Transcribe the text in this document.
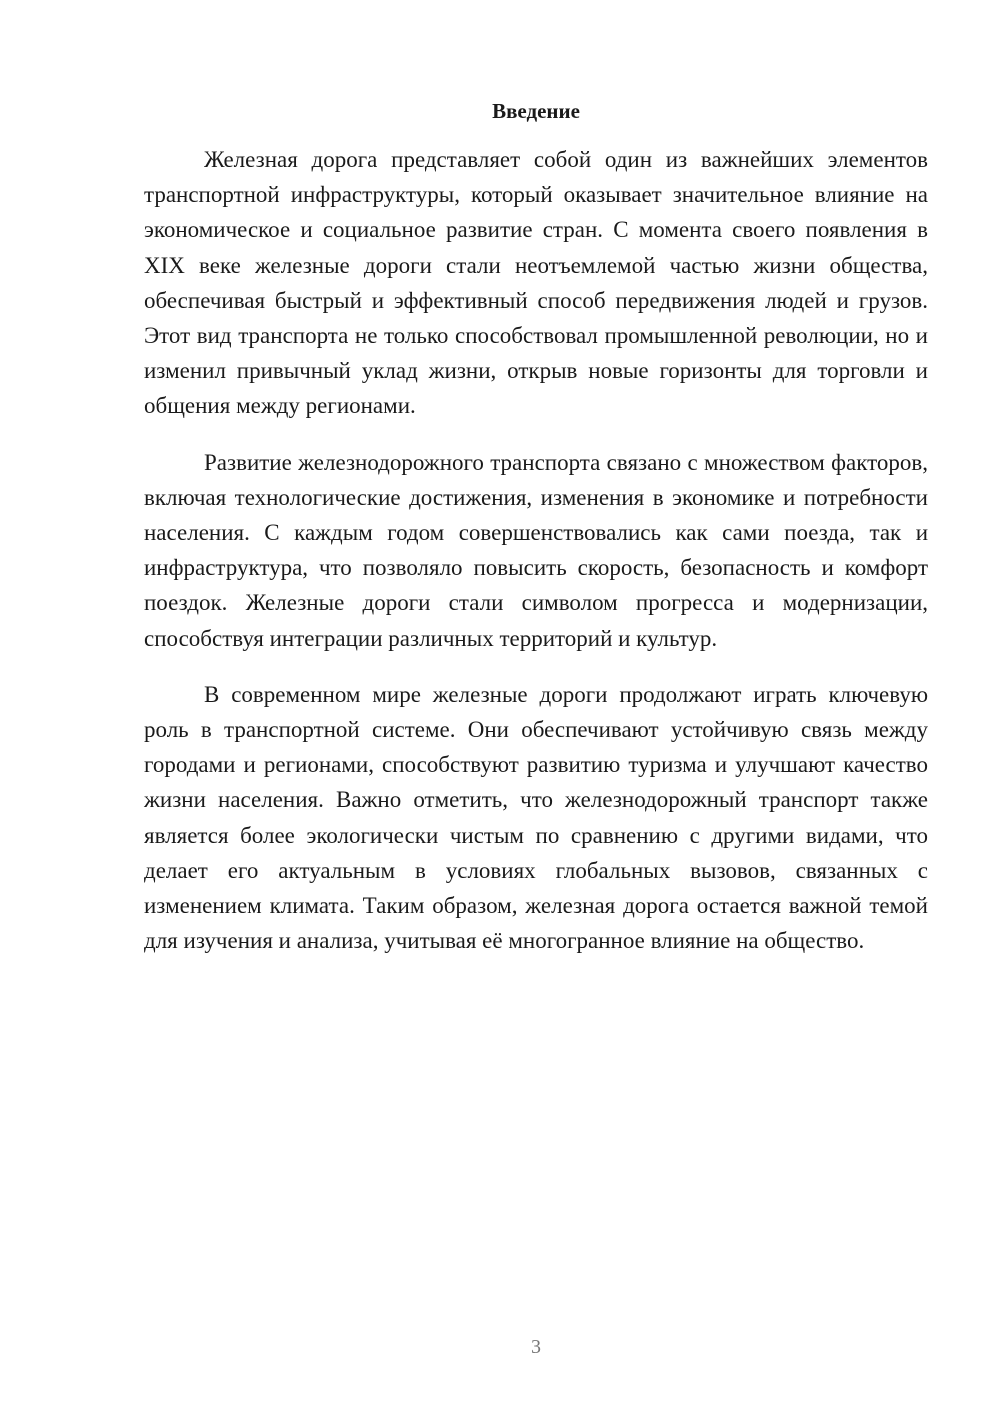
Введение

Железная дорога представляет собой один из важнейших элементов транспортной инфраструктуры, который оказывает значительное влияние на экономическое и социальное развитие стран. С момента своего появления в XIX веке железные дороги стали неотъемлемой частью жизни общества, обеспечивая быстрый и эффективный способ передвижения людей и грузов. Этот вид транспорта не только способствовал промышленной революции, но и изменил привычный уклад жизни, открыв новые горизонты для торговли и общения между регионами.

Развитие железнодорожного транспорта связано с множеством факторов, включая технологические достижения, изменения в экономике и потребности населения. С каждым годом совершенствовались как сами поезда, так и инфраструктура, что позволяло повысить скорость, безопасность и комфорт поездок. Железные дороги стали символом прогресса и модернизации, способствуя интеграции различных территорий и культур.

В современном мире железные дороги продолжают играть ключевую роль в транспортной системе. Они обеспечивают устойчивую связь между городами и регионами, способствуют развитию туризма и улучшают качество жизни населения. Важно отметить, что железнодорожный транспорт также является более экологически чистым по сравнению с другими видами, что делает его актуальным в условиях глобальных вызовов, связанных с изменением климата. Таким образом, железная дорога остается важной темой для изучения и анализа, учитывая её многогранное влияние на общество.

3
